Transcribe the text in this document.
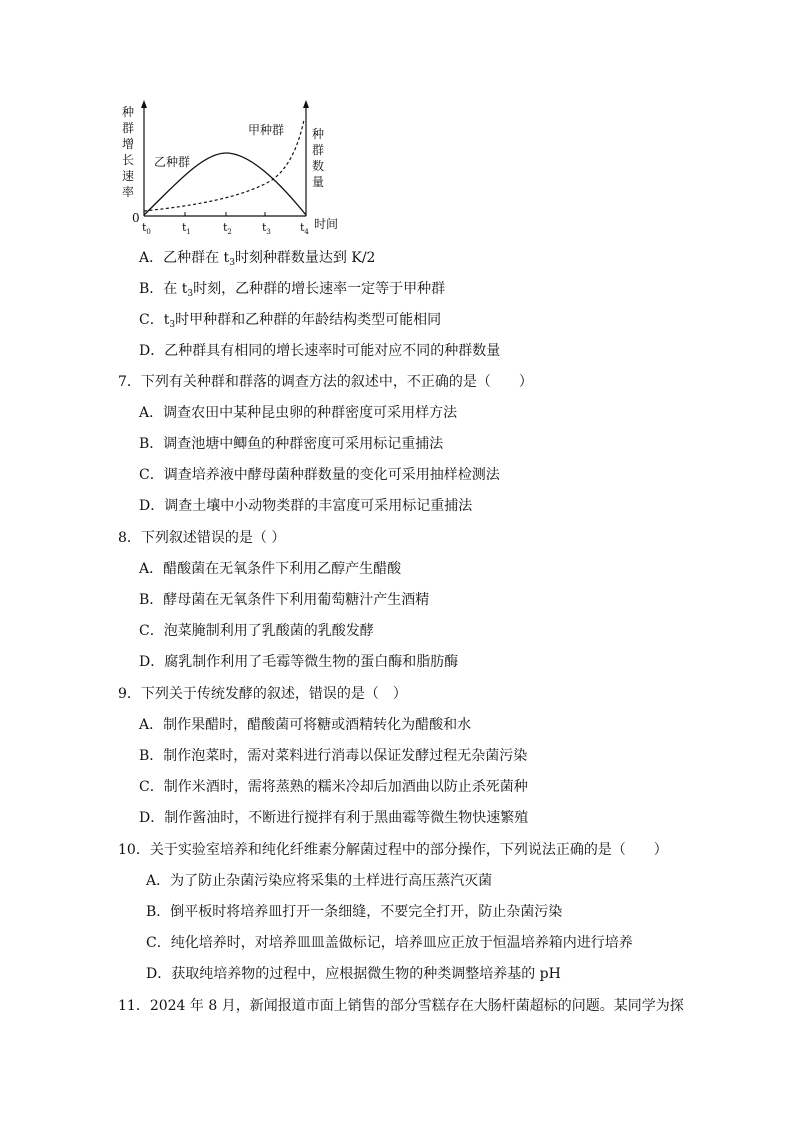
种 群 增 长 速 率
种 群 数 量
0	时间
甲种群
乙种群
$t_0$	$t_1$	$t_2$	$t_3$	$t_4$
A．乙种群在 $t_3$时刻种群数量达到 K/2
B．在 $t_3$时刻，乙种群的增长速率一定等于甲种群
C．$t_3$时甲种群和乙种群的年龄结构类型可能相同
D．乙种群具有相同的增长速率时可能对应不同的种群数量
7．下列有关种群和群落的调查方法的叙述中，不正确的是（　　）
A．调查农田中某种昆虫卵的种群密度可采用样方法
B．调查池塘中鲫鱼的种群密度可采用标记重捕法
C．调查培养液中酵母菌种群数量的变化可采用抽样检测法
D．调查土壤中小动物类群的丰富度可采用标记重捕法
8．下列叙述错误的是（ ）
A．醋酸菌在无氧条件下利用乙醇产生醋酸
B．酵母菌在无氧条件下利用葡萄糖汁产生酒精
C．泡菜腌制利用了乳酸菌的乳酸发酵
D．腐乳制作利用了毛霉等微生物的蛋白酶和脂肪酶
9．下列关于传统发酵的叙述，错误的是（　）
A．制作果醋时，醋酸菌可将糖或酒精转化为醋酸和水
B．制作泡菜时，需对菜料进行消毒以保证发酵过程无杂菌污染
C．制作米酒时，需将蒸熟的糯米冷却后加酒曲以防止杀死菌种
D．制作酱油时，不断进行搅拌有利于黑曲霉等微生物快速繁殖
10．关于实验室培养和纯化纤维素分解菌过程中的部分操作，下列说法正确的是（　　）
A．为了防止杂菌污染应将采集的土样进行高压蒸汽灭菌
B．倒平板时将培养皿打开一条细缝，不要完全打开，防止杂菌污染
C．纯化培养时，对培养皿皿盖做标记，培养皿应正放于恒温培养箱内进行培养
D．获取纯培养物的过程中，应根据微生物的种类调整培养基的 pH
11．2024 年 8 月，新闻报道市面上销售的部分雪糕存在大肠杆菌超标的问题。某同学为探
